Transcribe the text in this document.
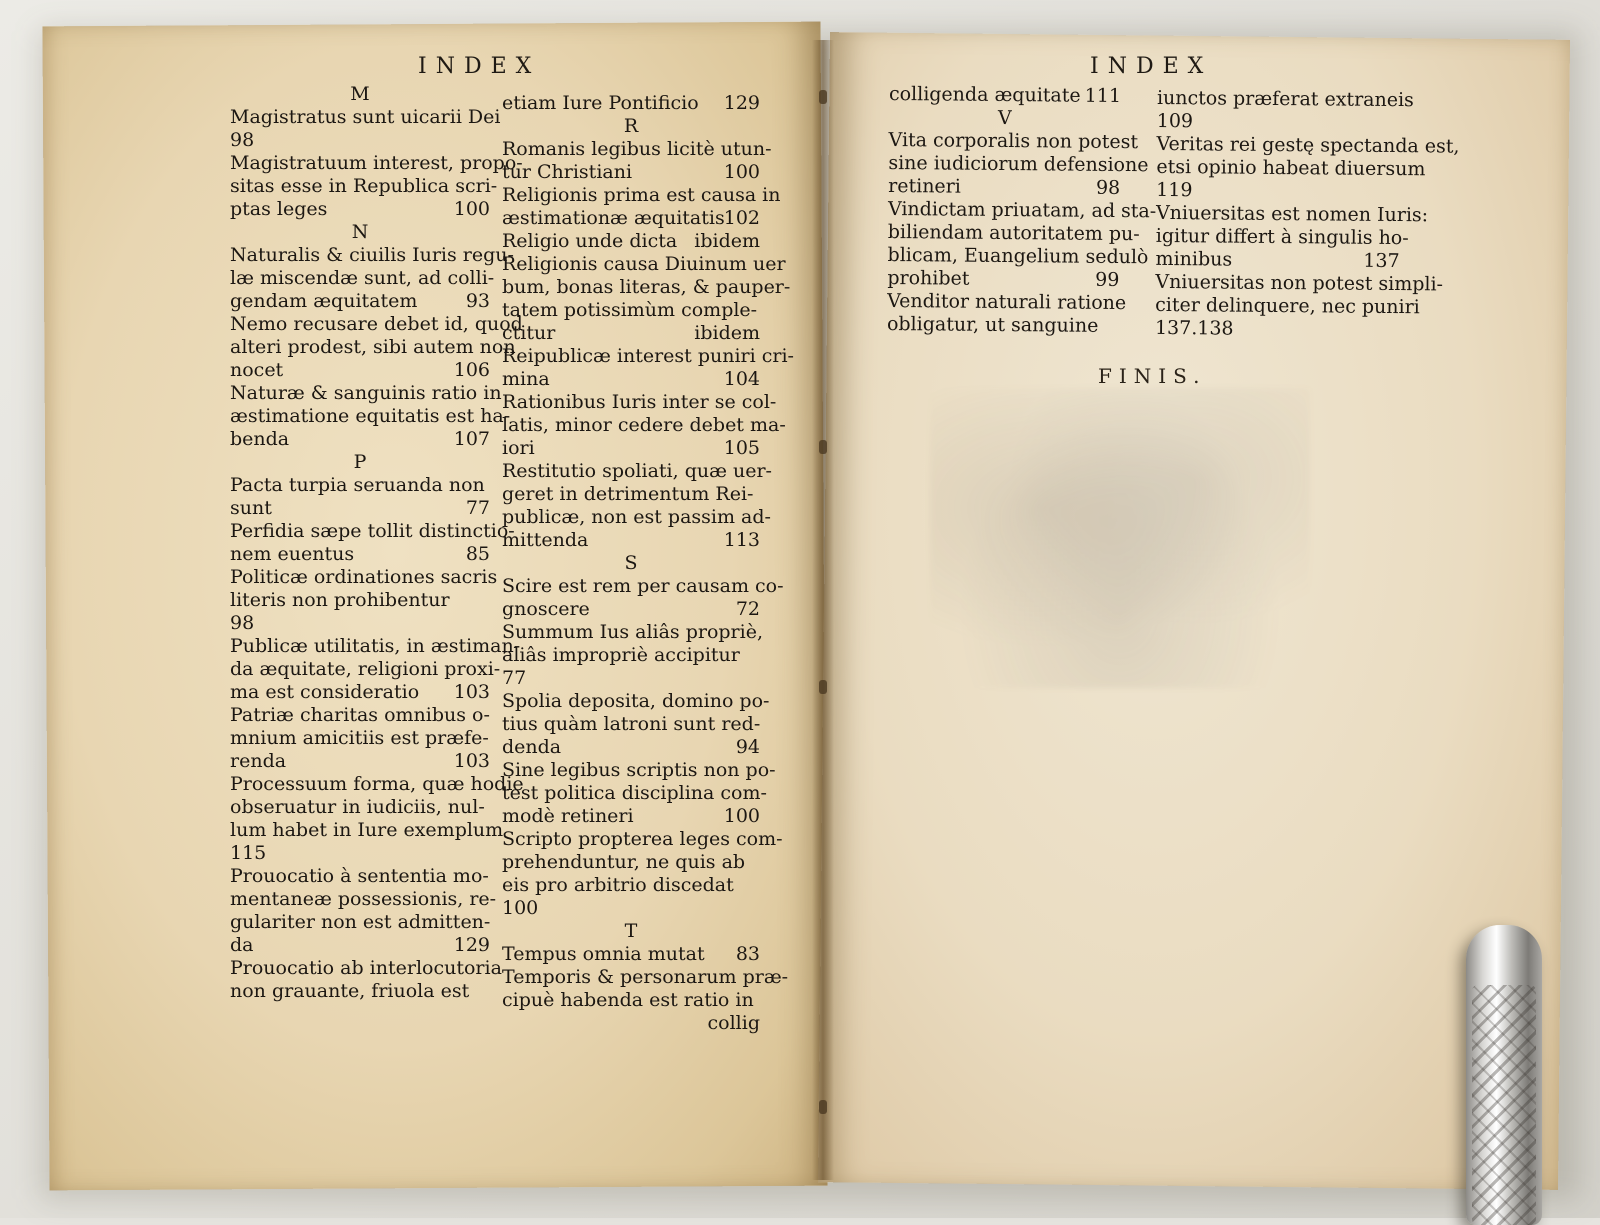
INDEX	INDEX
M
Magistratus sunt uicarii Dei
98
Magistratuum interest, propo-
sitas esse in Republica scri-
ptas leges	100
N
Naturalis & ciuilis Iuris regu-
læ miscendæ sunt, ad colli-
gendam æquitatem	93
Nemo recusare debet id, quod
alteri prodest, sibi autem non
nocet	106
Naturæ & sanguinis ratio in
æstimatione equitatis est ha-
benda	107
P
Pacta turpia seruanda non
sunt	77
Perfidia sæpe tollit distinctio-
nem euentus	85
Politicæ ordinationes sacris
literis non prohibentur
98
Publicæ utilitatis, in æstiman-
da æquitate, religioni proxi-
ma est consideratio 103
Patriæ charitas omnibus o-
mnium amicitiis est præfe-
renda	103
Processuum forma, quæ hodie
obseruatur in iudiciis, nul-
lum habet in Iure exemplum
115
Prouocatio à sententia mo-
mentaneæ possessionis, re-
gulariter non est admitten-
da	129
Prouocatio ab interlocutoria
non grauante, friuola est
etiam Iure Pontificio 129
R
Romanis legibus licitè utun-
tur Christiani	100
Religionis prima est causa in
æstimationæ æquitatis 102
Religio unde dicta ibidem
Religionis causa Diuinum uer
bum, bonas literas, & pauper-
tatem potissimùm comple-
ctitur	ibidem
Reipublicæ interest puniri cri-
mina	104
Rationibus Iuris inter se col-
latis, minor cedere debet ma-
iori	105
Restitutio spoliati, quæ uer-
geret in detrimentum Rei-
publicæ, non est passim ad-
mittenda	113
S
Scire est rem per causam co-
gnoscere	72
Summum Ius aliâs propriè,
aliâs impropriè accipitur
77
Spolia deposita, domino po-
tius quàm latroni sunt red-
denda	94
Sine legibus scriptis non po-
test politica disciplina com-
modè retineri	100
Scripto propterea leges com-
prehenduntur, ne quis ab
eis pro arbitrio discedat
100
T
Tempus omnia mutat 83
Temporis & personarum præ-
cipuè habenda est ratio in
collig
colligenda æquitate 111
V
Vita corporalis non potest
sine iudiciorum defensione
retineri	98
Vindictam priuatam, ad sta-
biliendam autoritatem pu-
blicam, Euangelium sedulò
prohibet	99
Venditor naturali ratione
obligatur, ut sanguine
iunctos præferat extraneis
109
Veritas rei gestę spectanda est,
etsi opinio habeat diuersum
119
Vniuersitas est nomen Iuris:
igitur differt à singulis ho-
minibus	137
Vniuersitas non potest simpli-
citer delinquere, nec puniri
137.138
FINIS.
